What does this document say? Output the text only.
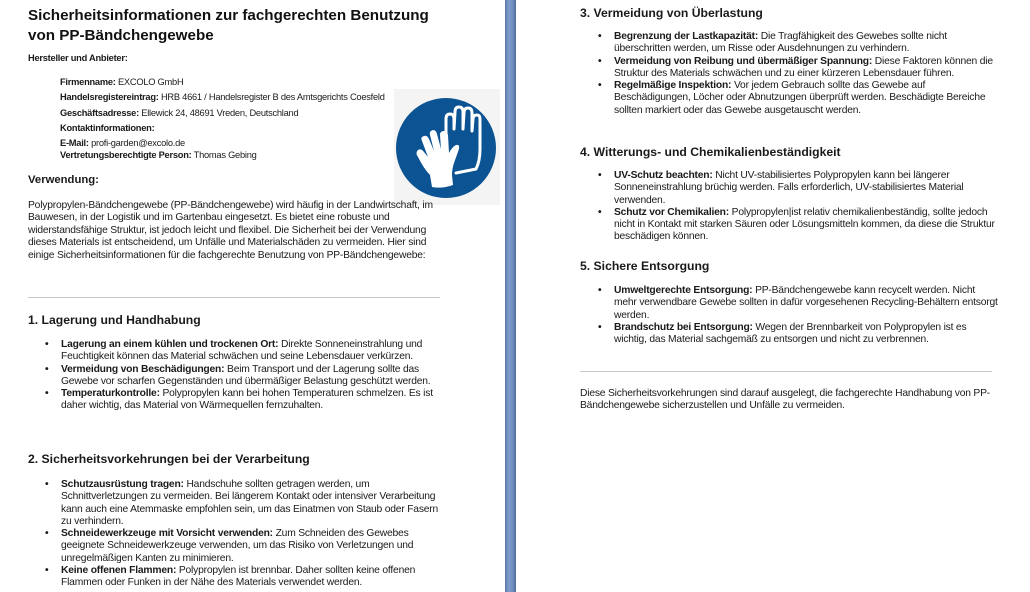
Sicherheitsinformationen zur fachgerechten Benutzung von PP-Bändchengewebe
Hersteller und Anbieter:
Firmenname: EXCOLO GmbH
Handelsregistereintrag: HRB 4661 / Handelsregister B des Amtsgerichts Coesfeld
Geschäftsadresse: Ellewick 24, 48691 Vreden, Deutschland
Kontaktinformationen:
E-Mail: profi-garden@excolo.de
Vertretungsberechtigte Person: Thomas Gebing
Verwendung:
Polypropylen-Bändchengewebe (PP-Bändchengewebe) wird häufig in der Landwirtschaft, im Bauwesen, in der Logistik und im Gartenbau eingesetzt. Es bietet eine robuste und widerstandsfähige Struktur, ist jedoch leicht und flexibel. Die Sicherheit bei der Verwendung dieses Materials ist entscheidend, um Unfälle und Materialschäden zu vermeiden. Hier sind einige Sicherheitsinformationen für die fachgerechte Benutzung von PP-Bändchengewebe:
1. Lagerung und Handhabung
• Lagerung an einem kühlen und trockenen Ort: Direkte Sonneneinstrahlung und Feuchtigkeit können das Material schwächen und seine Lebensdauer verkürzen.
• Vermeidung von Beschädigungen: Beim Transport und der Lagerung sollte das Gewebe vor scharfen Gegenständen und übermäßiger Belastung geschützt werden.
• Temperaturkontrolle: Polypropylen kann bei hohen Temperaturen schmelzen. Es ist daher wichtig, das Material von Wärmequellen fernzuhalten.
2. Sicherheitsvorkehrungen bei der Verarbeitung
• Schutzausrüstung tragen: Handschuhe sollten getragen werden, um Schnittverletzungen zu vermeiden. Bei längerem Kontakt oder intensiver Verarbeitung kann auch eine Atemmaske empfohlen sein, um das Einatmen von Staub oder Fasern zu verhindern.
• Schneidewerkzeuge mit Vorsicht verwenden: Zum Schneiden des Gewebes geeignete Schneidewerkzeuge verwenden, um das Risiko von Verletzungen und unregelmäßigen Kanten zu minimieren.
• Keine offenen Flammen: Polypropylen ist brennbar. Daher sollten keine offenen Flammen oder Funken in der Nähe des Materials verwendet werden.
3. Vermeidung von Überlastung
• Begrenzung der Lastkapazität: Die Tragfähigkeit des Gewebes sollte nicht überschritten werden, um Risse oder Ausdehnungen zu verhindern.
• Vermeidung von Reibung und übermäßiger Spannung: Diese Faktoren können die Struktur des Materials schwächen und zu einer kürzeren Lebensdauer führen.
• Regelmäßige Inspektion: Vor jedem Gebrauch sollte das Gewebe auf Beschädigungen, Löcher oder Abnutzungen überprüft werden. Beschädigte Bereiche sollten markiert oder das Gewebe ausgetauscht werden.
4. Witterungs- und Chemikalienbeständigkeit
• UV-Schutz beachten: Nicht UV-stabilisiertes Polypropylen kann bei längerer Sonneneinstrahlung brüchig werden. Falls erforderlich, UV-stabilisiertes Material verwenden.
• Schutz vor Chemikalien: Polypropylen|ist relativ chemikalienbeständig, sollte jedoch nicht in Kontakt mit starken Säuren oder Lösungsmitteln kommen, da diese die Struktur beschädigen können.
5. Sichere Entsorgung
• Umweltgerechte Entsorgung: PP-Bändchengewebe kann recycelt werden. Nicht mehr verwendbare Gewebe sollten in dafür vorgesehenen Recycling-Behältern entsorgt werden.
• Brandschutz bei Entsorgung: Wegen der Brennbarkeit von Polypropylen ist es wichtig, das Material sachgemäß zu entsorgen und nicht zu verbrennen.
Diese Sicherheitsvorkehrungen sind darauf ausgelegt, die fachgerechte Handhabung von PP-Bändchengewebe sicherzustellen und Unfälle zu vermeiden.
